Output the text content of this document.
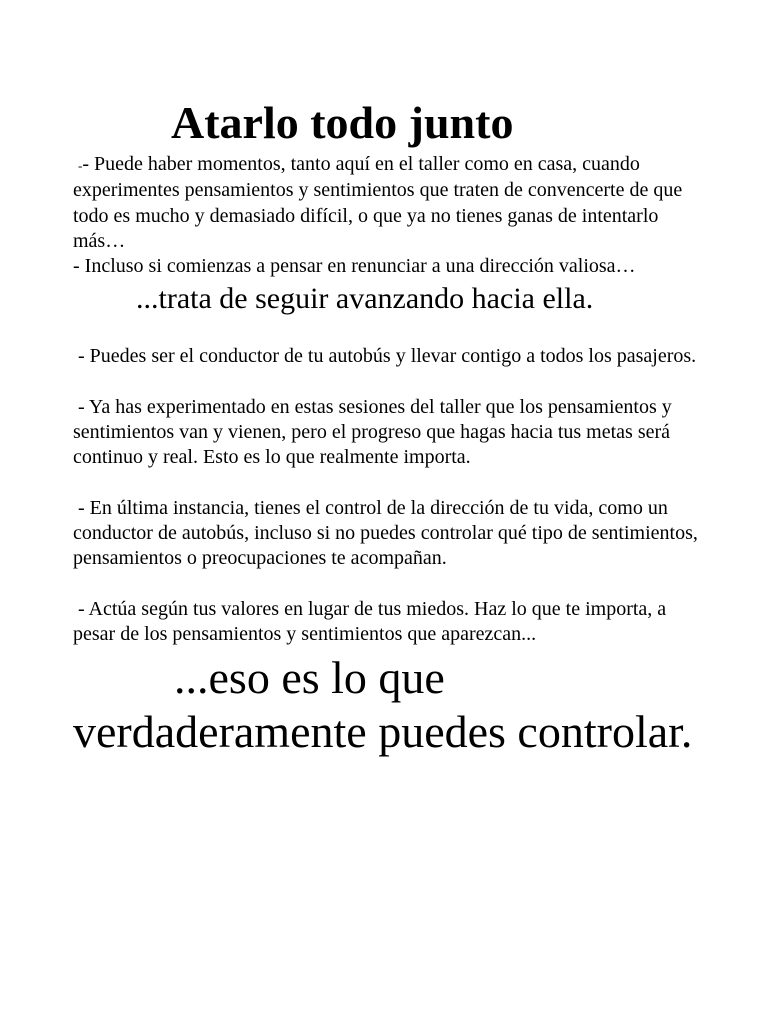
Atarlo todo junto

-- Puede haber momentos, tanto aquí en el taller como en casa, cuando experimentes pensamientos y sentimientos que traten de convencerte de que todo es mucho y demasiado difícil, o que ya no tienes ganas de intentarlo más…

- Incluso si comienzas a pensar en renunciar a una dirección valiosa…

...trata de seguir avanzando hacia ella.

- Puedes ser el conductor de tu autobús y llevar contigo a todos los pasajeros.

- Ya has experimentado en estas sesiones del taller que los pensamientos y sentimientos van y vienen, pero el progreso que hagas hacia tus metas será continuo y real. Esto es lo que realmente importa.

- En última instancia, tienes el control de la dirección de tu vida, como un conductor de autobús, incluso si no puedes controlar qué tipo de sentimientos, pensamientos o preocupaciones te acompañan.

- Actúa según tus valores en lugar de tus miedos. Haz lo que te importa, a pesar de los pensamientos y sentimientos que aparezcan...

...eso es lo que verdaderamente puedes controlar.
